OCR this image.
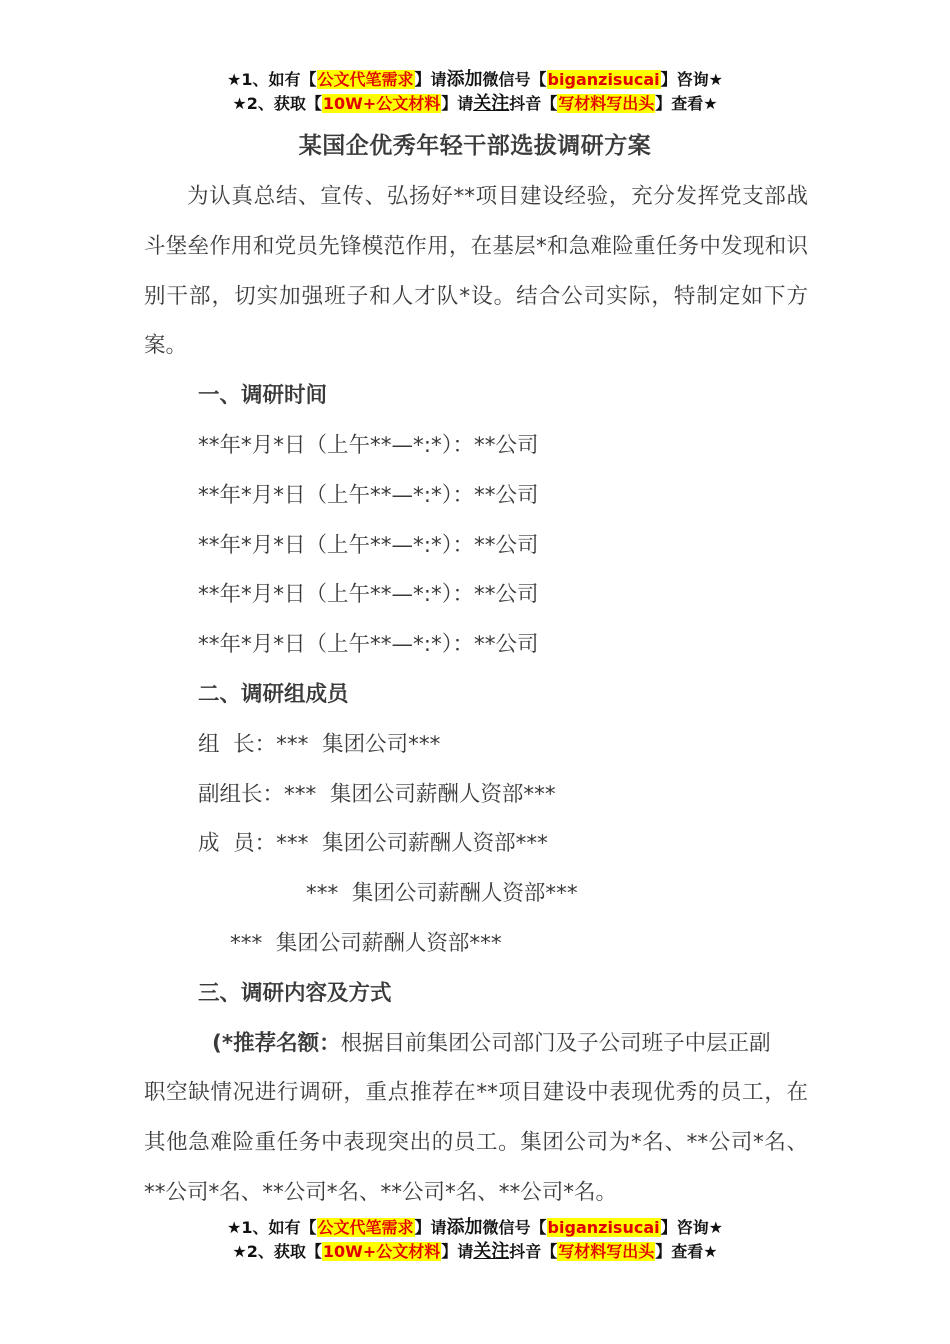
★1、如有【公文代笔需求】请添加微信号【biganzisucai】咨询★
★2、获取【10W+公文材料】请关注抖音【写材料写出头】查看★
某国企优秀年轻干部选拔调研方案

为认真总结、宣传、弘扬好**项目建设经验，充分发挥党支部战斗堡垒作用和党员先锋模范作用，在基层*和急难险重任务中发现和识别干部，切实加强班子和人才队*设。结合公司实际，特制定如下方案。

一、调研时间

**年*月*日（上午**—*:*）：**公司

**年*月*日（上午**—*:*）：**公司

**年*月*日（上午**—*:*）：**公司

**年*月*日（上午**—*:*）：**公司

**年*月*日（上午**—*:*）：**公司

二、调研组成员

组  长：***  集团公司***

副组长：***  集团公司薪酬人资部***

成  员：***  集团公司薪酬人资部***

***  集团公司薪酬人资部***

***  集团公司薪酬人资部***

三、调研内容及方式

(*推荐名额：根据目前集团公司部门及子公司班子中层正副

职空缺情况进行调研，重点推荐在**项目建设中表现优秀的员工，在其他急难险重任务中表现突出的员工。集团公司为*名、**公司*名、**公司*名、**公司*名、**公司*名、**公司*名。

★1、如有【公文代笔需求】请添加微信号【biganzisucai】咨询★
★2、获取【10W+公文材料】请关注抖音【写材料写出头】查看★
